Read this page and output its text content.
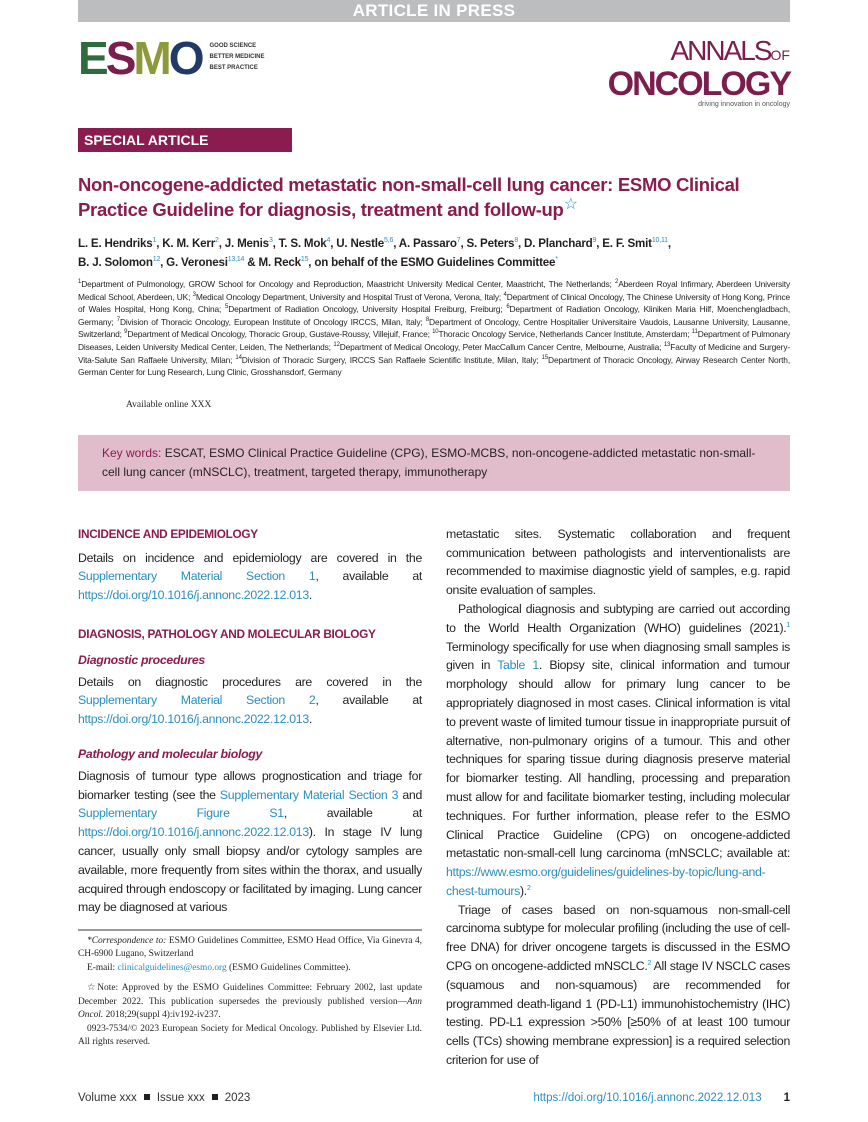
ARTICLE IN PRESS
ESMO GOOD SCIENCE
BETTER MEDICINE
BEST PRACTICE
ANNALSOF
ONCOLOGY
driving innovation in oncology
SPECIAL ARTICLE
Non-oncogene-addicted metastatic non-small-cell lung cancer: ESMO Clinical Practice Guideline for diagnosis, treatment and follow-up☆
L. E. Hendriks$^1$, K. M. Kerr$^2$, J. Menis$^3$, T. S. Mok$^4$, U. Nestle$^{5,6}$, A. Passaro$^7$, S. Peters$^8$, D. Planchard$^9$, E. F. Smit$^{10,11}$,
B. J. Solomon$^{12}$, G. Veronesi$^{13,14}$ & M. Reck$^{15}$, on behalf of the ESMO Guidelines Committee*
$^1$Department of Pulmonology, GROW School for Oncology and Reproduction, Maastricht University Medical Center, Maastricht, The Netherlands; $^2$Aberdeen Royal Infirmary, Aberdeen University Medical School, Aberdeen, UK; $^3$Medical Oncology Department, University and Hospital Trust of Verona, Verona, Italy; $^4$Department of Clinical Oncology, The Chinese University of Hong Kong, Prince of Wales Hospital, Hong Kong, China; $^5$Department of Radiation Oncology, University Hospital Freiburg, Freiburg; $^6$Department of Radiation Oncology, Kliniken Maria Hilf, Moenchengladbach, Germany; $^7$Division of Thoracic Oncology, European Institute of Oncology IRCCS, Milan, Italy; $^8$Department of Oncology, Centre Hospitalier Universitaire Vaudois, Lausanne University, Lausanne, Switzerland; $^9$Department of Medical Oncology, Thoracic Group, Gustave-Roussy, Villejuif, France; $^{10}$Thoracic Oncology Service, Netherlands Cancer Institute, Amsterdam; $^{11}$Department of Pulmonary Diseases, Leiden University Medical Center, Leiden, The Netherlands; $^{12}$Department of Medical Oncology, Peter MacCallum Cancer Centre, Melbourne, Australia; $^{13}$Faculty of Medicine and Surgery-Vita-Salute San Raffaele University, Milan; $^{14}$Division of Thoracic Surgery, IRCCS San Raffaele Scientific Institute, Milan, Italy; $^{15}$Department of Thoracic Oncology, Airway Research Center North, German Center for Lung Research, Lung Clinic, Grosshansdorf, Germany
Available online XXX
Key words: ESCAT, ESMO Clinical Practice Guideline (CPG), ESMO-MCBS, non-oncogene-addicted metastatic non-small-cell lung cancer (mNSCLC), treatment, targeted therapy, immunotherapy
INCIDENCE AND EPIDEMIOLOGY

Details on incidence and epidemiology are covered in the Supplementary Material Section 1, available at https://doi.org/10.1016/j.annonc.2022.12.013.

DIAGNOSIS, PATHOLOGY AND MOLECULAR BIOLOGY
Diagnostic procedures

Details on diagnostic procedures are covered in the Supplementary Material Section 2, available at https://doi.org/10.1016/j.annonc.2022.12.013.

Pathology and molecular biology

Diagnosis of tumour type allows prognostication and triage for biomarker testing (see the Supplementary Material Section 3 and Supplementary Figure S1, available at https://doi.org/10.1016/j.annonc.2022.12.013). In stage IV lung cancer, usually only small biopsy and/or cytology samples are available, more frequently from sites within the thorax, and usually acquired through endoscopy or facilitated by imaging. Lung cancer may be diagnosed at various

*Correspondence to: ESMO Guidelines Committee, ESMO Head Office, Via Ginevra 4, CH-6900 Lugano, Switzerland

E-mail: clinicalguidelines@esmo.org (ESMO Guidelines Committee).

☆Note: Approved by the ESMO Guidelines Committee: February 2002, last update December 2022. This publication supersedes the previously published version—Ann Oncol. 2018;29(suppl 4):iv192-iv237.

0923-7534/© 2023 European Society for Medical Oncology. Published by Elsevier Ltd. All rights reserved.

metastatic sites. Systematic collaboration and frequent communication between pathologists and interventionalists are recommended to maximise diagnostic yield of samples, e.g. rapid onsite evaluation of samples.

Pathological diagnosis and subtyping are carried out according to the World Health Organization (WHO) guidelines (2021).$^1$ Terminology specifically for use when diagnosing small samples is given in Table 1. Biopsy site, clinical information and tumour morphology should allow for primary lung cancer to be appropriately diagnosed in most cases. Clinical information is vital to prevent waste of limited tumour tissue in inappropriate pursuit of alternative, non-pulmonary origins of a tumour. This and other techniques for sparing tissue during diagnosis preserve material for biomarker testing. All handling, processing and preparation must allow for and facilitate biomarker testing, including molecular techniques. For further information, please refer to the ESMO Clinical Practice Guideline (CPG) on oncogene-addicted metastatic non-small-cell lung carcinoma (mNSCLC; available at: https://www.esmo.org/guidelines/guidelines-by-topic/lung-and-chest-tumours).$^2$

Triage of cases based on non-squamous non-small-cell carcinoma subtype for molecular profiling (including the use of cell-free DNA) for driver oncogene targets is discussed in the ESMO CPG on oncogene-addicted mNSCLC.$^2$ All stage IV NSCLC cases (squamous and non-squamous) are recommended for programmed death-ligand 1 (PD-L1) immunohistochemistry (IHC) testing. PD-L1 expression >50% [≥50% of at least 100 tumour cells (TCs) showing membrane expression] is a required selection criterion for use of

Volume xxx Issue xxx 2023	https://doi.org/10.1016/j.annonc.2022.12.013 1
